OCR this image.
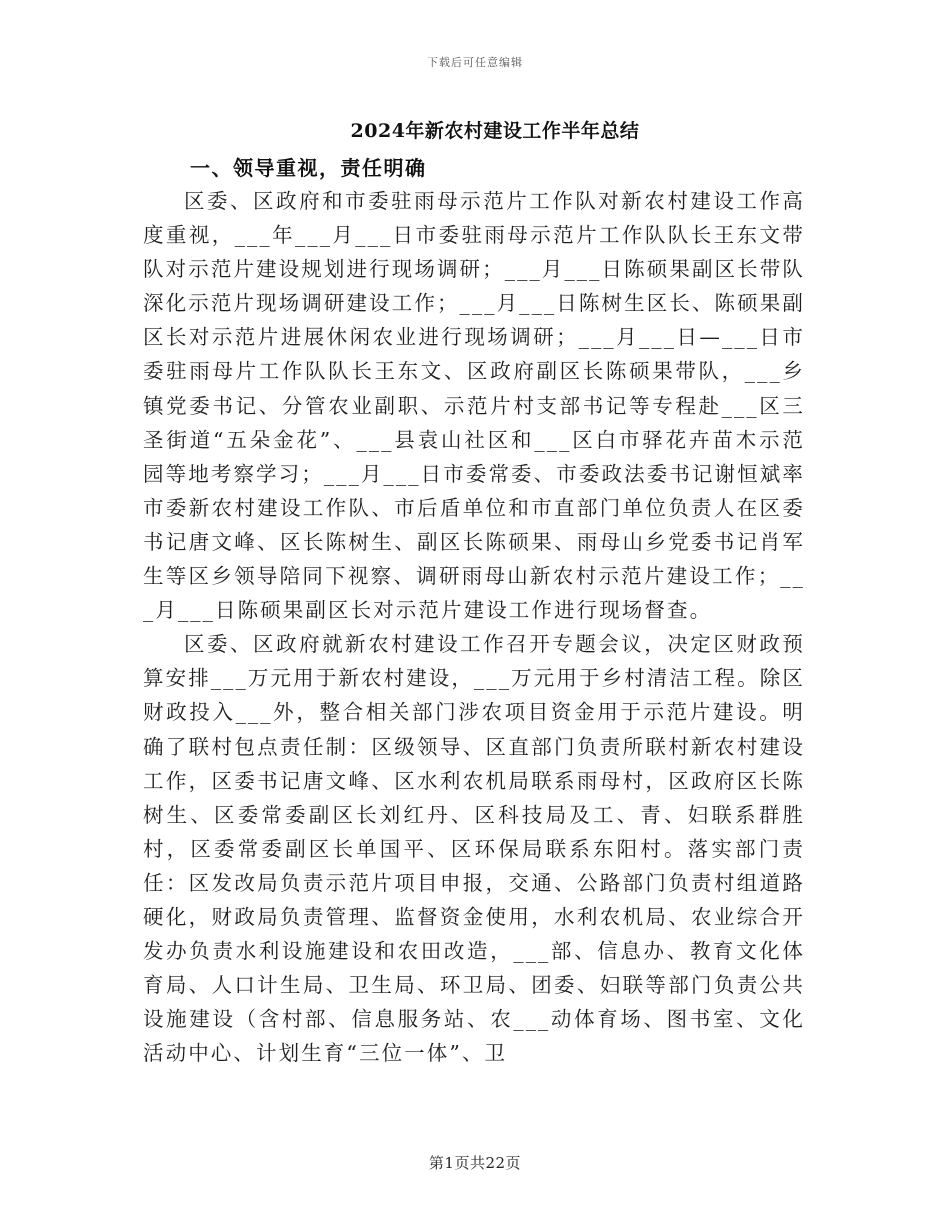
下载后可任意编辑
2024年新农村建设工作半年总结
一、领导重视，责任明确

区委、区政府和市委驻雨母示范片工作队对新农村建设工作高度重视，___年___月___日市委驻雨母示范片工作队队长王东文带队对示范片建设规划进行现场调研；___月___日陈硕果副区长带队深化示范片现场调研建设工作；___月___日陈树生区长、陈硕果副区长对示范片进展休闲农业进行现场调研；___月___日—___日市委驻雨母片工作队队长王东文、区政府副区长陈硕果带队，___乡镇党委书记、分管农业副职、示范片村支部书记等专程赴___区三圣街道“五朵金花”、___县袁山社区和___区白市驿花卉苗木示范园等地考察学习；___月___日市委常委、市委政法委书记谢恒斌率市委新农村建设工作队、市后盾单位和市直部门单位负责人在区委书记唐文峰、区长陈树生、副区长陈硕果、雨母山乡党委书记肖军生等区乡领导陪同下视察、调研雨母山新农村示范片建设工作；___月___日陈硕果副区长对示范片建设工作进行现场督查。

区委、区政府就新农村建设工作召开专题会议，决定区财政预算安排___万元用于新农村建设，___万元用于乡村清洁工程。除区财政投入___外，整合相关部门涉农项目资金用于示范片建设。明确了联村包点责任制：区级领导、区直部门负责所联村新农村建设工作，区委书记唐文峰、区水利农机局联系雨母村，区政府区长陈树生、区委常委副区长刘红丹、区科技局及工、青、妇联系群胜村，区委常委副区长单国平、区环保局联系东阳村。落实部门责任：区发改局负责示范片项目申报，交通、公路部门负责村组道路硬化，财政局负责管理、监督资金使用，水利农机局、农业综合开发办负责水利设施建设和农田改造，___部、信息办、教育文化体育局、人口计生局、卫生局、环卫局、团委、妇联等部门负责公共设施建设（含村部、信息服务站、农___动体育场、图书室、文化活动中心、计划生育“三位一体”、卫

第1页共22页
